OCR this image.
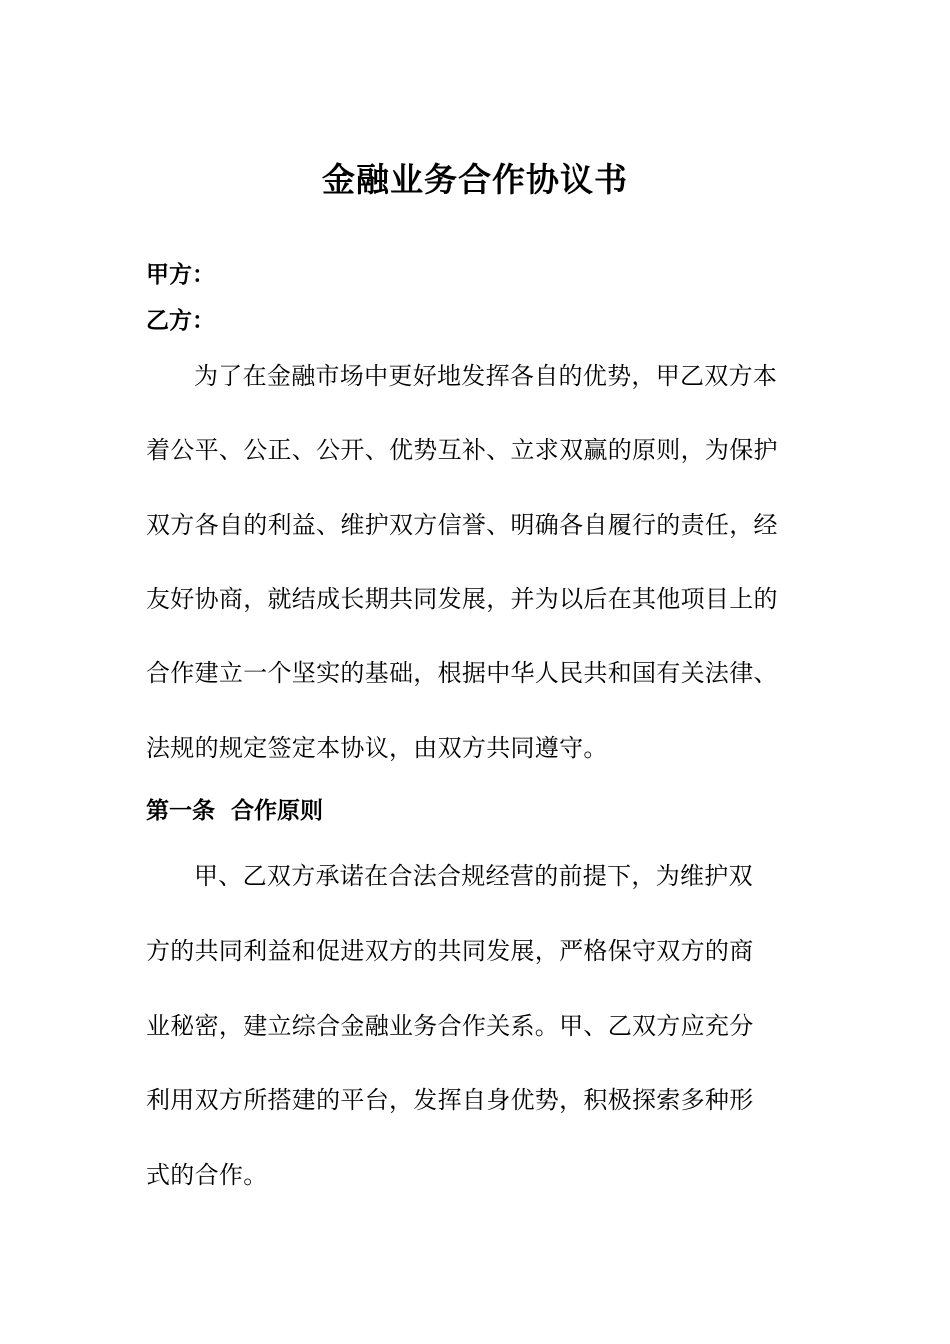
金融业务合作协议书
甲方：
乙方：
为了在金融市场中更好地发挥各自的优势，甲乙双方本
着公平、公正、公开、优势互补、立求双赢的原则，为保护
双方各自的利益、维护双方信誉、明确各自履行的责任，经
友好协商，就结成长期共同发展，并为以后在其他项目上的
合作建立一个坚实的基础，根据中华人民共和国有关法律、
法规的规定签定本协议，由双方共同遵守。
第一条  合作原则
甲、乙双方承诺在合法合规经营的前提下，为维护双
方的共同利益和促进双方的共同发展，严格保守双方的商
业秘密，建立综合金融业务合作关系。甲、乙双方应充分
利用双方所搭建的平台，发挥自身优势，积极探索多种形
式的合作。
